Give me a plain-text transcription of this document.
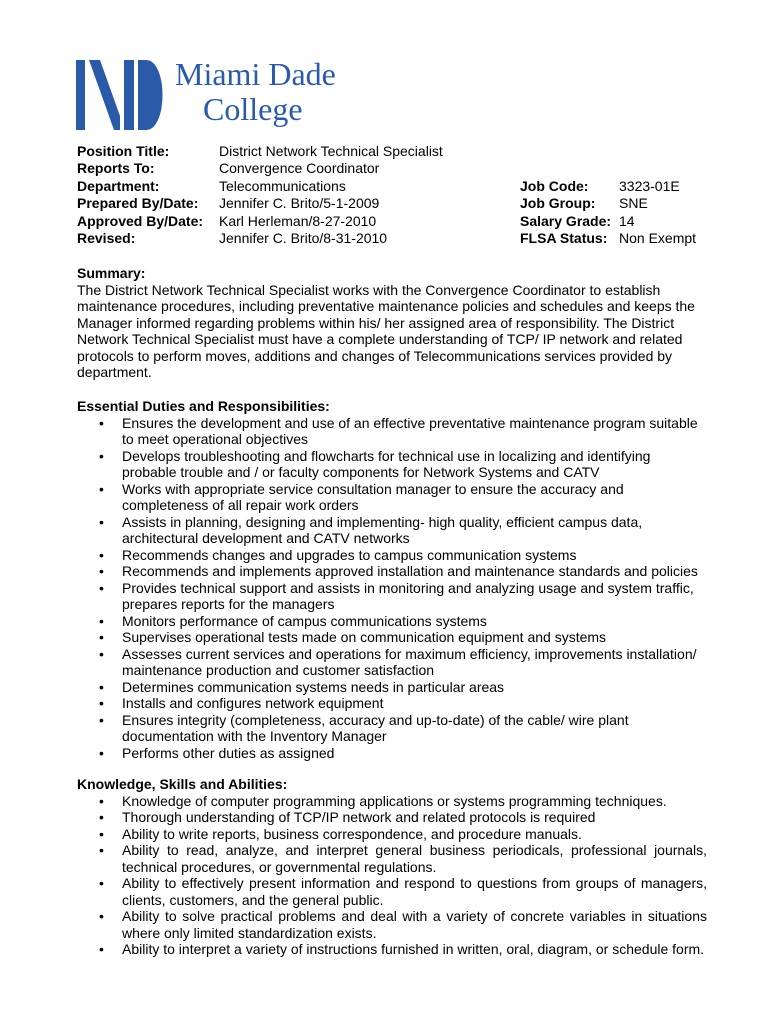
Miami Dade
College
Position Title:	District Network Technical Specialist
Reports To:	Convergence Coordinator
Department:	Telecommunications
Prepared By/Date: Jennifer C. Brito/5-1-2009
Approved By/Date: Karl Herleman/8-27-2010
Revised:	Jennifer C. Brito/8-31-2010
Job Code: 3323-01E
Job Group: SNE
Salary Grade: 14
FLSA Status: Non Exempt
Summary:

The District Network Technical Specialist works with the Convergence Coordinator to establish maintenance procedures, including preventative maintenance policies and schedules and keeps the Manager informed regarding problems within his/ her assigned area of responsibility. The District Network Technical Specialist must have a complete understanding of TCP/ IP network and related protocols to perform moves, additions and changes of Telecommunications services provided by department.

Essential Duties and Responsibilities:
• Ensures the development and use of an effective preventative maintenance program suitable to meet operational objectives
• Develops troubleshooting and flowcharts for technical use in localizing and identifying probable trouble and / or faculty components for Network Systems and CATV
• Works with appropriate service consultation manager to ensure the accuracy and completeness of all repair work orders
• Assists in planning, designing and implementing- high quality, efficient campus data, architectural development and CATV networks
• Recommends changes and upgrades to campus communication systems
• Recommends and implements approved installation and maintenance standards and policies
• Provides technical support and assists in monitoring and analyzing usage and system traffic, prepares reports for the managers
• Monitors performance of campus communications systems
• Supervises operational tests made on communication equipment and systems
• Assesses current services and operations for maximum efficiency, improvements installation/ maintenance production and customer satisfaction
• Determines communication systems needs in particular areas
• Installs and configures network equipment
• Ensures integrity (completeness, accuracy and up-to-date) of the cable/ wire plant documentation with the Inventory Manager
• Performs other duties as assigned
Knowledge, Skills and Abilities:
• Knowledge of computer programming applications or systems programming techniques.
• Thorough understanding of TCP/IP network and related protocols is required
• Ability to write reports, business correspondence, and procedure manuals.
• Ability to read, analyze, and interpret general business periodicals, professional journals, technical procedures, or governmental regulations.
• Ability to effectively present information and respond to questions from groups of managers, clients, customers, and the general public.
• Ability to solve practical problems and deal with a variety of concrete variables in situations where only limited standardization exists.
• Ability to interpret a variety of instructions furnished in written, oral, diagram, or schedule form.
